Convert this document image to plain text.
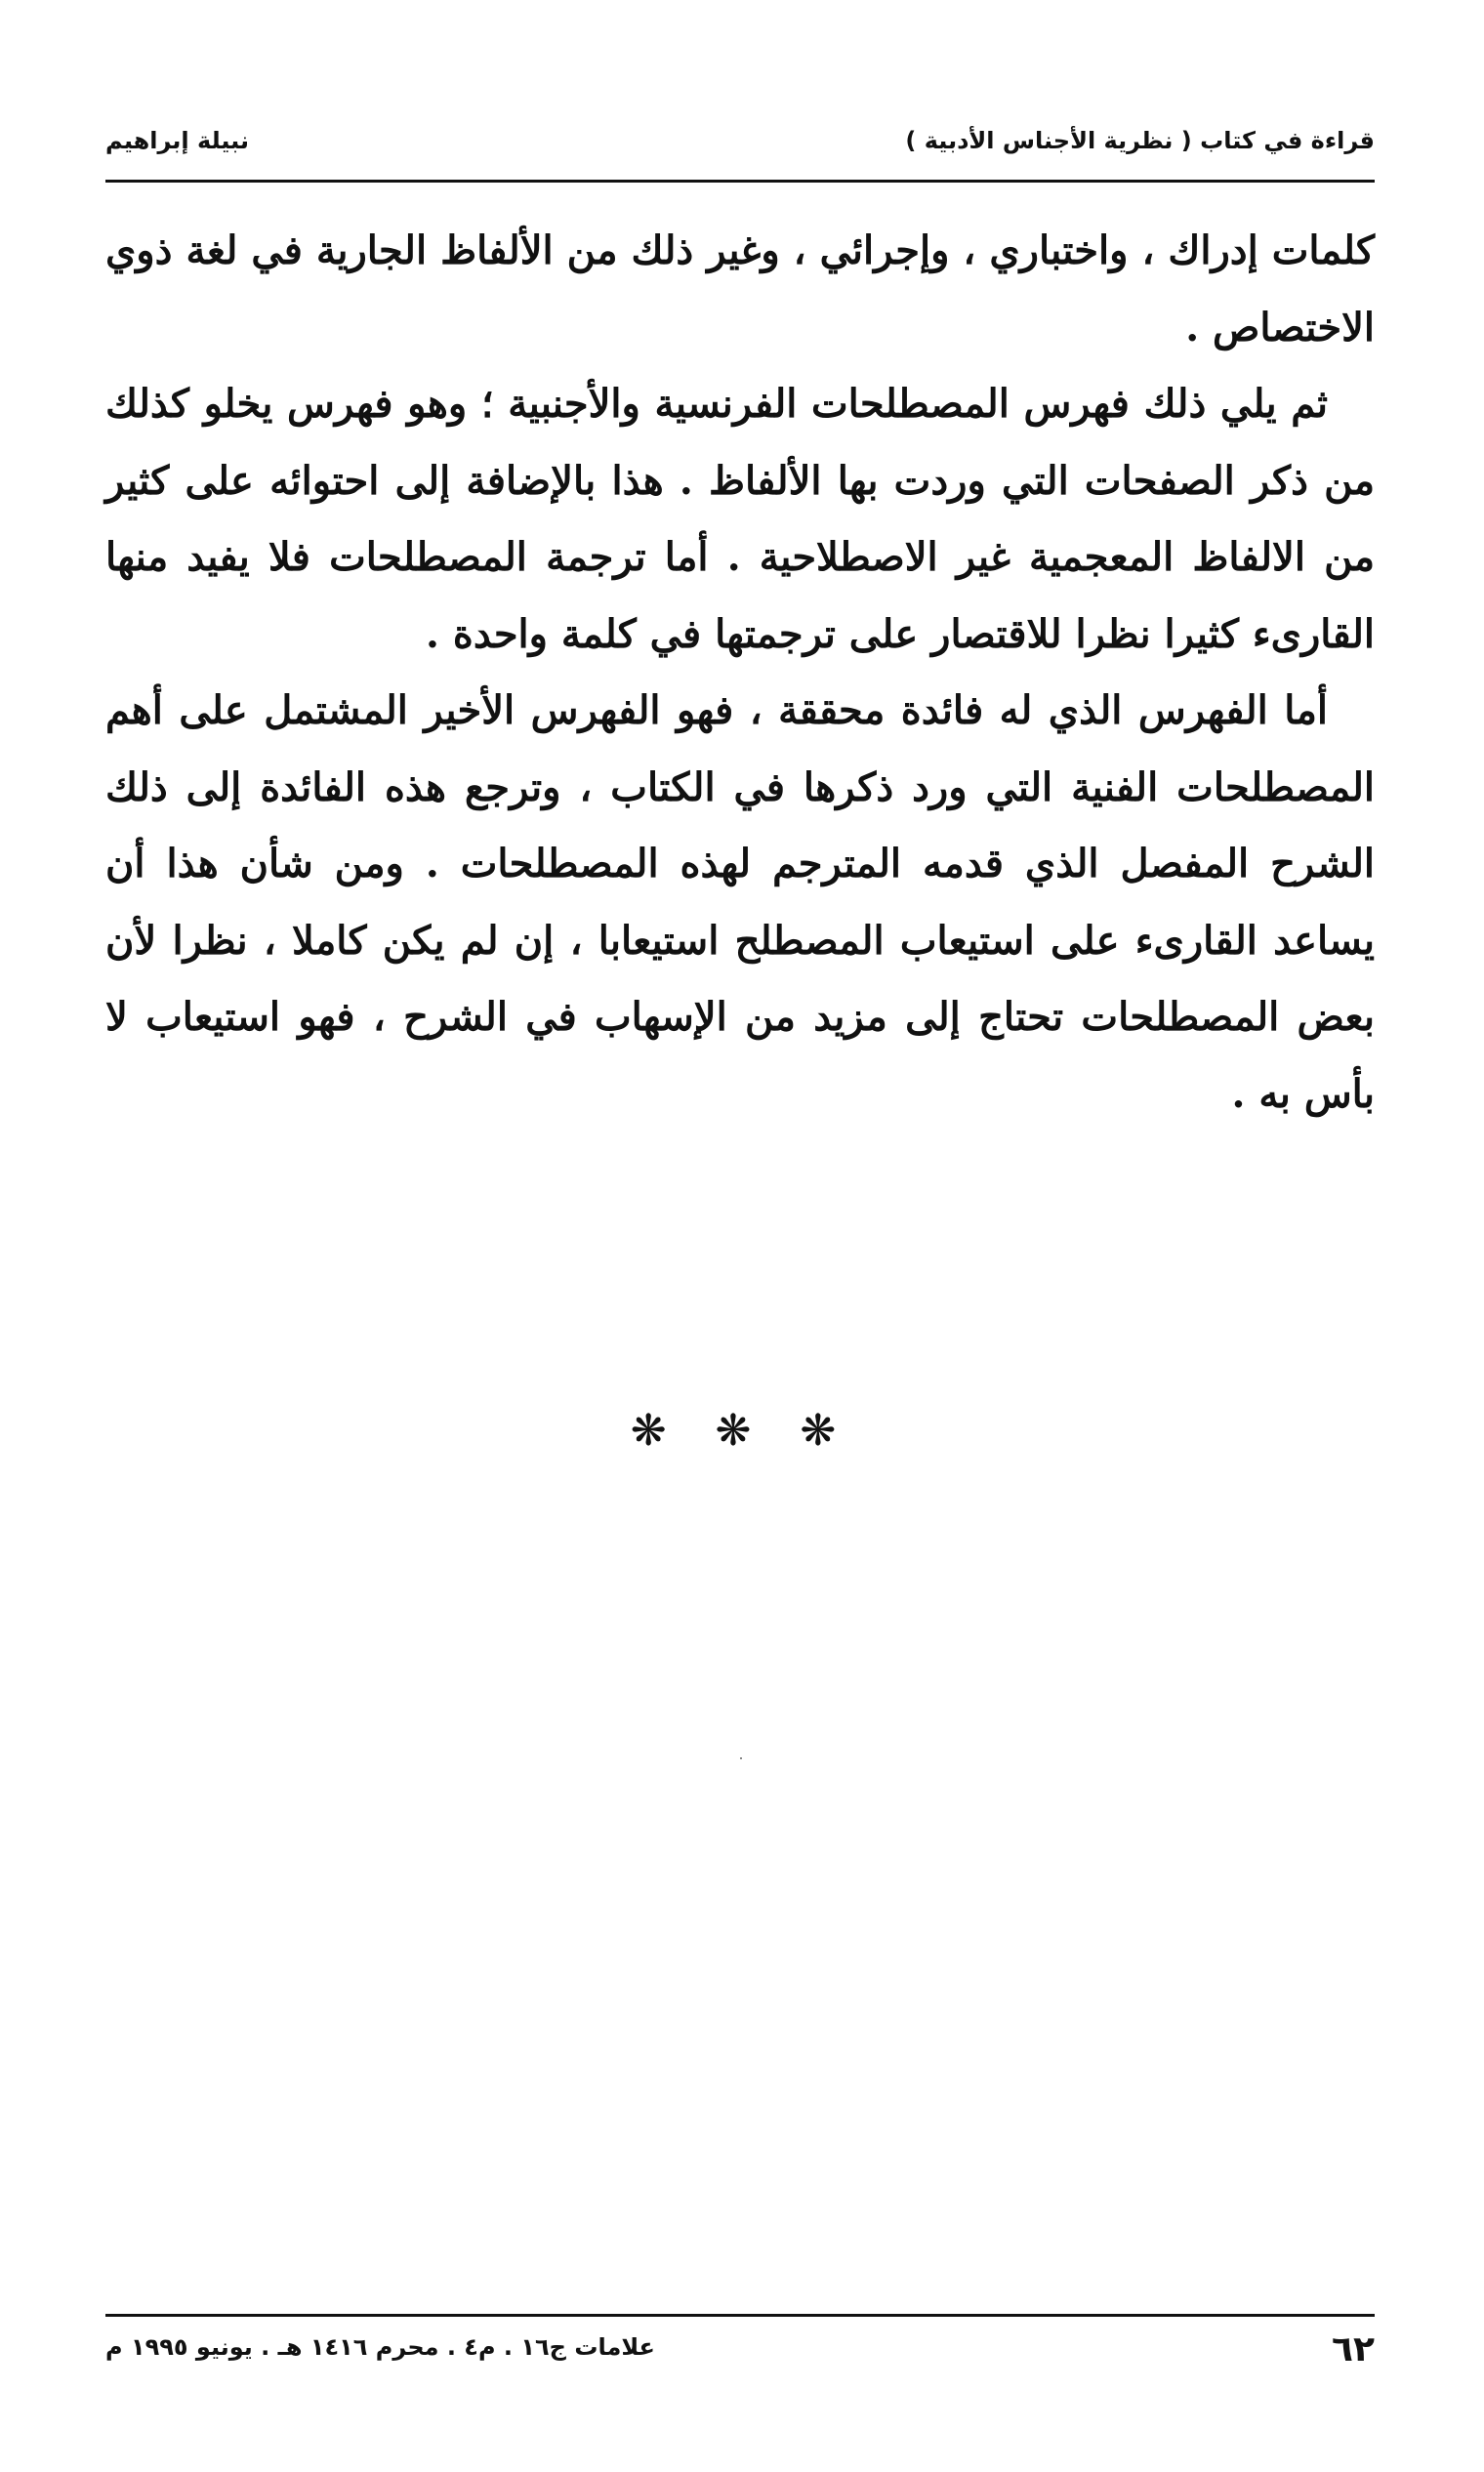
قراءة في كتاب ( نظرية الأجناس الأدبية )
نبيلة إبراهيم

كلمات إدراك ، واختباري ، وإجرائي ، وغير ذلك من الألفاظ الجارية في لغة ذوي الاختصاص .

ثم يلي ذلك فهرس المصطلحات الفرنسية والأجنبية ؛ وهو فهرس يخلو كذلك من ذكر الصفحات التي وردت بها الألفاظ . هذا بالإضافة إلى احتوائه على كثير من الالفاظ المعجمية غير الاصطلاحية . أما ترجمة المصطلحات فلا يفيد منها القارىء كثيرا نظرا للاقتصار على ترجمتها في كلمة واحدة .

أما الفهرس الذي له فائدة محققة ، فهو الفهرس الأخير المشتمل على أهم المصطلحات الفنية التي ورد ذكرها في الكتاب ، وترجع هذه الفائدة إلى ذلك الشرح المفصل الذي قدمه المترجم لهذه المصطلحات . ومن شأن هذا أن يساعد القارىء على استيعاب المصطلح استيعابا ، إن لم يكن كاملا ، نظرا لأن بعض المصطلحات تحتاج إلى مزيد من الإسهاب في الشرح ، فهو استيعاب لا بأس به .

❋ ❋ ❋
٦٢
علامات ج١٦ . م٤ . محرم ١٤١٦ هـ . يونيو ١٩٩٥ م
